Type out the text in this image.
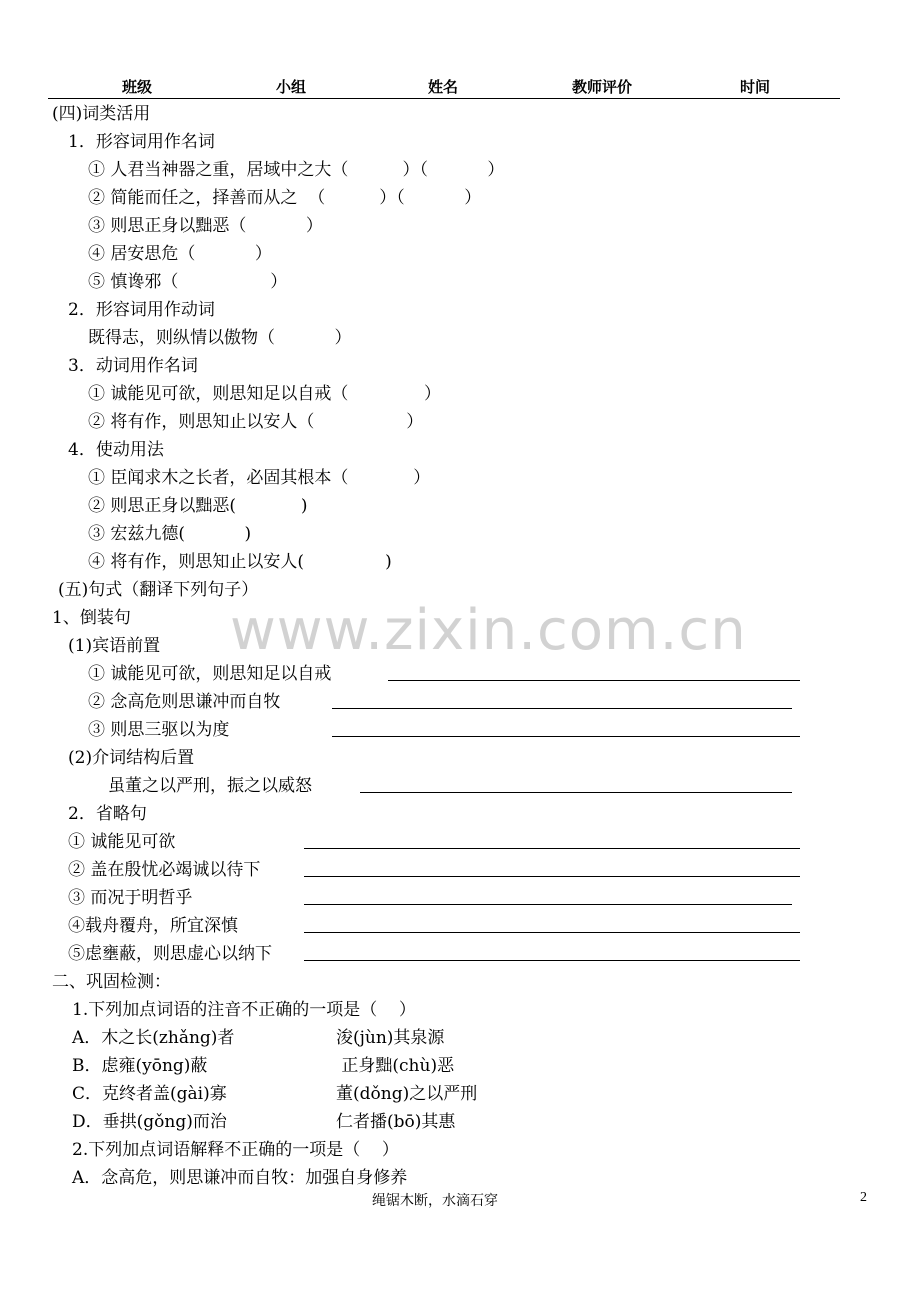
班级	小组	姓名	教师评价	时间
(四)词类活用
1．形容词用作名词
① 人君当神器之重，居域中之大（          ）（           ）
② 简能而任之，择善而从之  （          ）（           ）
③ 则思正身以黜恶（           ）
④ 居安思危（           ）
⑤ 慎谗邪（                 ）
2．形容词用作动词
既得志，则纵情以傲物（           ）
3．动词用作名词
① 诚能见可欲，则思知足以自戒（              ）
② 将有作，则思知止以安人（                 ）
4．使动用法
① 臣闻求木之长者，必固其根本（            ）
② 则思正身以黜恶(            )
③ 宏兹九德(           )
④ 将有作，则思知止以安人(               )
(五)句式（翻译下列句子）
1、倒装句 www.zixin.com.cn
(1)宾语前置
① 诚能见可欲，则思知足以自戒
② 念高危则思谦冲而自牧
③ 则思三驱以为度
(2)介词结构后置
虽董之以严刑，振之以威怒
2．省略句
① 诚能见可欲
② 盖在殷忧必竭诚以待下
③ 而况于明哲乎
④载舟覆舟，所宜深慎
⑤虑壅蔽，则思虚心以纳下
二、巩固检测：
1.下列加点词语的注音不正确的一项是（    ）
A．木之长(zhǎng)者	浚(jùn)其泉源
B．虑雍(yōng)蔽	正身黜(chù)恶
C．克终者盖(gài)寡	董(dǒng)之以严刑
D．垂拱(gǒng)而治	仁者播(bō)其惠
2.下列加点词语解释不正确的一项是（    ）
A．念高危，则思谦冲而自牧：加强自身修养
绳锯木断，水滴石穿	2
